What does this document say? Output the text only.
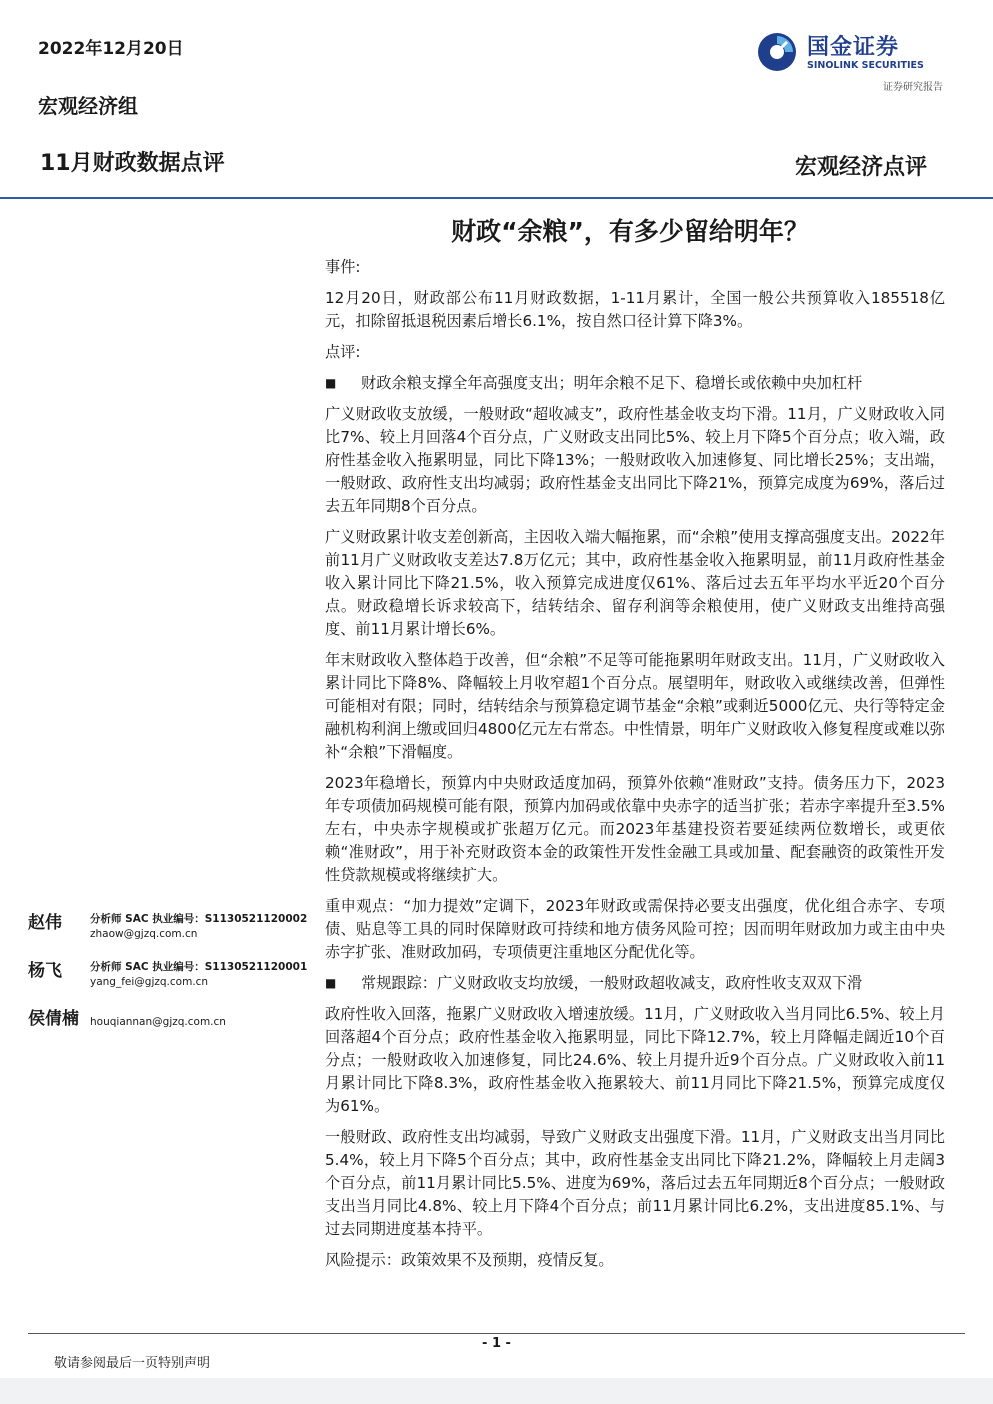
2022年12月20日
宏观经济组
11月财政数据点评	宏观经济点评
国金证券
SINOLINK SECURITIES
证券研究报告
财政“余粮”，有多少留给明年？
事件:
12月20日，财政部公布11月财政数据，1-11月累计，全国一般公共预算收入185518亿元，扣除留抵退税因素后增长6.1%，按自然口径计算下降3%。
点评:
■	财政余粮支撑全年高强度支出；明年余粮不足下、稳增长或依赖中央加杠杆
广义财政收支放缓，一般财政“超收减支”，政府性基金收支均下滑。11月，广义财政收入同比7%、较上月回落4个百分点，广义财政支出同比5%、较上月下降5个百分点；收入端，政府性基金收入拖累明显，同比下降13%；一般财政收入加速修复、同比增长25%；支出端，一般财政、政府性支出均减弱；政府性基金支出同比下降21%，预算完成度为69%，落后过去五年同期8个百分点。
广义财政累计收支差创新高，主因收入端大幅拖累，而“余粮”使用支撑高强度支出。2022年前11月广义财政收支差达7.8万亿元；其中，政府性基金收入拖累明显，前11月政府性基金收入累计同比下降21.5%，收入预算完成进度仅61%、落后过去五年平均水平近20个百分点。财政稳增长诉求较高下，结转结余、留存利润等余粮使用，使广义财政支出维持高强度、前11月累计增长6%。
年末财政收入整体趋于改善，但“余粮”不足等可能拖累明年财政支出。11月，广义财政收入累计同比下降8%、降幅较上月收窄超1个百分点。展望明年，财政收入或继续改善，但弹性可能相对有限；同时，结转结余与预算稳定调节基金“余粮”或剩近5000亿元、央行等特定金融机构利润上缴或回归4800亿元左右常态。中性情景，明年广义财政收入修复程度或难以弥补“余粮”下滑幅度。
2023年稳增长，预算内中央财政适度加码，预算外依赖“准财政”支持。债务压力下，2023年专项债加码规模可能有限，预算内加码或依靠中央赤字的适当扩张；若赤字率提升至3.5%左右，中央赤字规模或扩张超万亿元。而2023年基建投资若要延续两位数增长，或更依赖“准财政”，用于补充财政资本金的政策性开发性金融工具或加量、配套融资的政策性开发性贷款规模或将继续扩大。
重申观点：“加力提效”定调下，2023年财政或需保持必要支出强度，优化组合赤字、专项债、贴息等工具的同时保障财政可持续和地方债务风险可控；因而明年财政加力或主由中央赤字扩张、准财政加码，专项债更注重地区分配优化等。
■	常规跟踪：广义财政收支均放缓，一般财政超收减支，政府性收支双双下滑
政府性收入回落，拖累广义财政收入增速放缓。11月，广义财政收入当月同比6.5%、较上月回落超4个百分点；政府性基金收入拖累明显，同比下降12.7%，较上月降幅走阔近10个百分点；一般财政收入加速修复，同比24.6%、较上月提升近9个百分点。广义财政收入前11月累计同比下降8.3%，政府性基金收入拖累较大、前11月同比下降21.5%，预算完成度仅为61%。
一般财政、政府性支出均减弱，导致广义财政支出强度下滑。11月，广义财政支出当月同比5.4%，较上月下降5个百分点；其中，政府性基金支出同比下降21.2%，降幅较上月走阔3个百分点，前11月累计同比5.5%、进度为69%，落后过去五年同期近8个百分点；一般财政支出当月同比4.8%、较上月下降4个百分点；前11月累计同比6.2%，支出进度85.1%、与过去同期进度基本持平。
风险提示：政策效果不及预期，疫情反复。
赵伟	分析师 SAC 执业编号：S1130521120002
zhaow@gjzq.com.cn
杨飞	分析师 SAC 执业编号：S1130521120001
yang_fei@gjzq.com.cn
侯倩楠 houqiannan@gjzq.com.cn
- 1 -
敬请参阅最后一页特别声明
